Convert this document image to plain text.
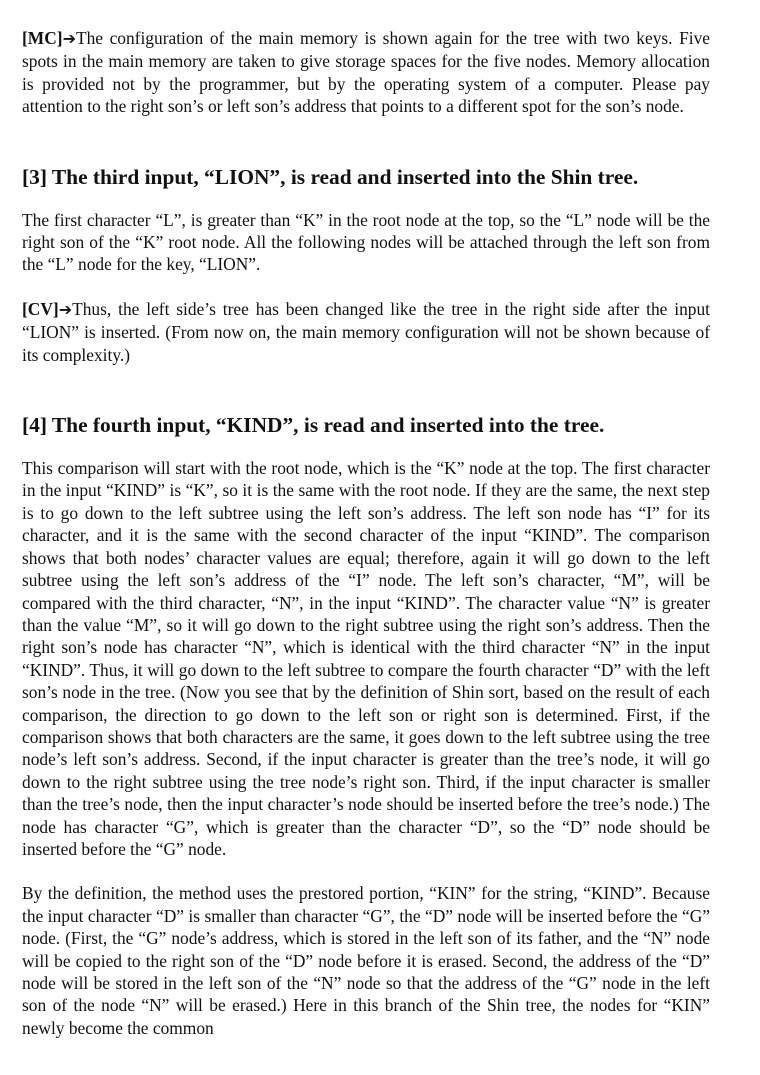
[MC]➔The configuration of the main memory is shown again for the tree with two keys. Five spots in the main memory are taken to give storage spaces for the five nodes. Memory allocation is provided not by the programmer, but by the operating system of a computer. Please pay attention to the right son’s or left son’s address that points to a different spot for the son’s node.

[3] The third input, “LION”, is read and inserted into the Shin tree.

The first character “L”, is greater than “K” in the root node at the top, so the “L” node will be the right son of the “K” root node. All the following nodes will be attached through the left son from the “L” node for the key, “LION”.

[CV]➔Thus, the left side’s tree has been changed like the tree in the right side after the input “LION” is inserted. (From now on, the main memory configuration will not be shown because of its complexity.)

[4] The fourth input, “KIND”, is read and inserted into the tree.

This comparison will start with the root node, which is the “K” node at the top. The first character in the input “KIND” is “K”, so it is the same with the root node. If they are the same, the next step is to go down to the left subtree using the left son’s address. The left son node has “I” for its character, and it is the same with the second character of the input “KIND”. The comparison shows that both nodes’ character values are equal; therefore, again it will go down to the left subtree using the left son’s address of the “I” node. The left son’s character, “M”, will be compared with the third character, “N”, in the input “KIND”. The character value “N” is greater than the value “M”, so it will go down to the right subtree using the right son’s address. Then the right son’s node has character “N”, which is identical with the third character “N” in the input “KIND”. Thus, it will go down to the left subtree to compare the fourth character “D” with the left son’s node in the tree. (Now you see that by the definition of Shin sort, based on the result of each comparison, the direction to go down to the left son or right son is determined. First, if the comparison shows that both characters are the same, it goes down to the left subtree using the tree node’s left son’s address. Second, if the input character is greater than the tree’s node, it will go down to the right subtree using the tree node’s right son. Third, if the input character is smaller than the tree’s node, then the input character’s node should be inserted before the tree’s node.) The node has character “G”, which is greater than the character “D”, so the “D” node should be inserted before the “G” node.

By the definition, the method uses the prestored portion, “KIN” for the string, “KIND”. Because the input character “D” is smaller than character “G”, the “D” node will be inserted before the “G” node. (First, the “G” node’s address, which is stored in the left son of its father, and the “N” node will be copied to the right son of the “D” node before it is erased. Second, the address of the “D” node will be stored in the left son of the “N” node so that the address of the “G” node in the left son of the node “N” will be erased.) Here in this branch of the Shin tree, the nodes for “KIN” newly become the common
